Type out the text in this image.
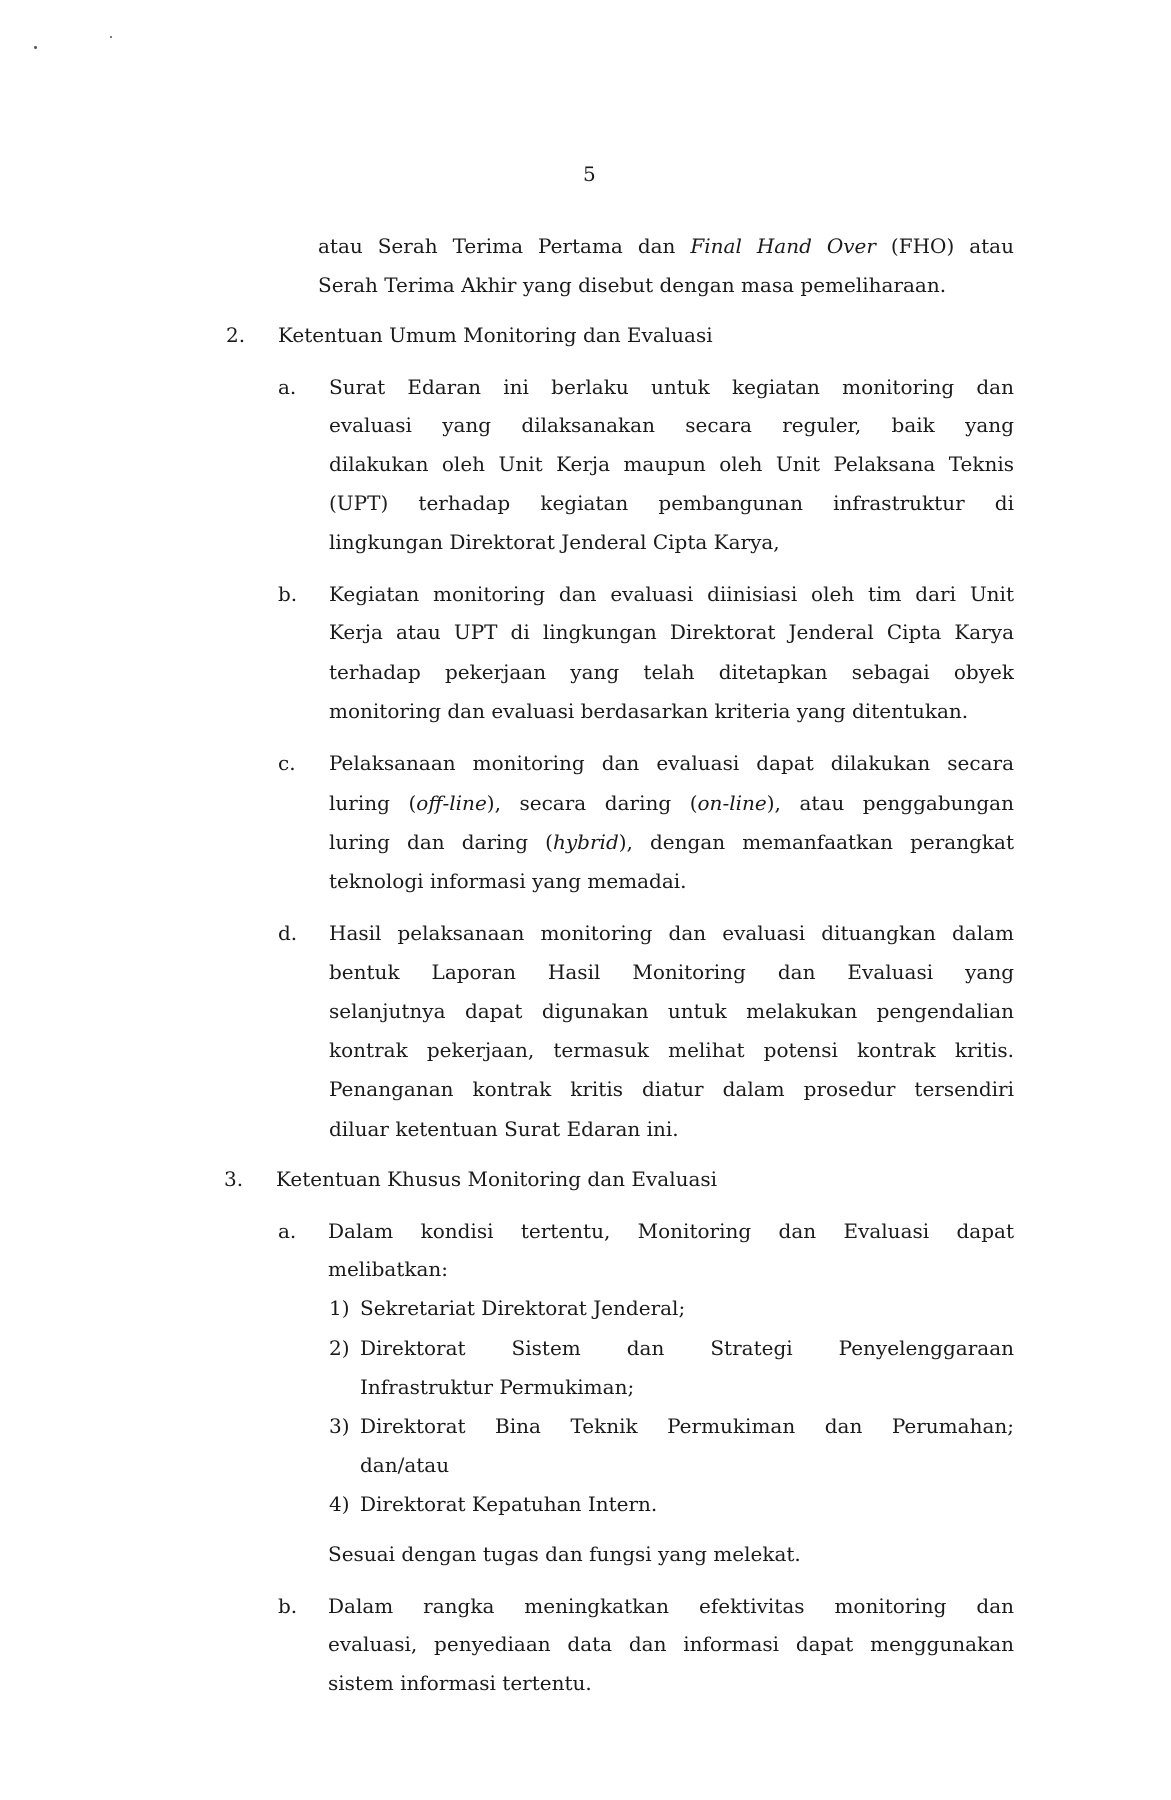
5
atau Serah Terima Pertama dan Final Hand Over (FHO) atau
Serah Terima Akhir yang disebut dengan masa pemeliharaan.
2. Ketentuan Umum Monitoring dan Evaluasi
a. Surat Edaran ini berlaku untuk kegiatan monitoring dan
evaluasi yang dilaksanakan secara reguler, baik yang
dilakukan oleh Unit Kerja maupun oleh Unit Pelaksana Teknis
(UPT) terhadap kegiatan pembangunan infrastruktur di
lingkungan Direktorat Jenderal Cipta Karya,
b. Kegiatan monitoring dan evaluasi diinisiasi oleh tim dari Unit
Kerja atau UPT di lingkungan Direktorat Jenderal Cipta Karya
terhadap pekerjaan yang telah ditetapkan sebagai obyek
monitoring dan evaluasi berdasarkan kriteria yang ditentukan.
c. Pelaksanaan monitoring dan evaluasi dapat dilakukan secara
luring (off-line), secara daring (on-line), atau penggabungan
luring dan daring (hybrid), dengan memanfaatkan perangkat
teknologi informasi yang memadai.
d. Hasil pelaksanaan monitoring dan evaluasi dituangkan dalam
bentuk Laporan Hasil Monitoring dan Evaluasi yang
selanjutnya dapat digunakan untuk melakukan pengendalian
kontrak pekerjaan, termasuk melihat potensi kontrak kritis.
Penanganan kontrak kritis diatur dalam prosedur tersendiri
diluar ketentuan Surat Edaran ini.
3. Ketentuan Khusus Monitoring dan Evaluasi
a. Dalam kondisi tertentu, Monitoring dan Evaluasi dapat
melibatkan:
1) Sekretariat Direktorat Jenderal;
2) Direktorat Sistem dan Strategi Penyelenggaraan
Infrastruktur Permukiman;
3) Direktorat Bina Teknik Permukiman dan Perumahan;
dan/atau
4) Direktorat Kepatuhan Intern.
Sesuai dengan tugas dan fungsi yang melekat.
b. Dalam rangka meningkatkan efektivitas monitoring dan
evaluasi, penyediaan data dan informasi dapat menggunakan
sistem informasi tertentu.
